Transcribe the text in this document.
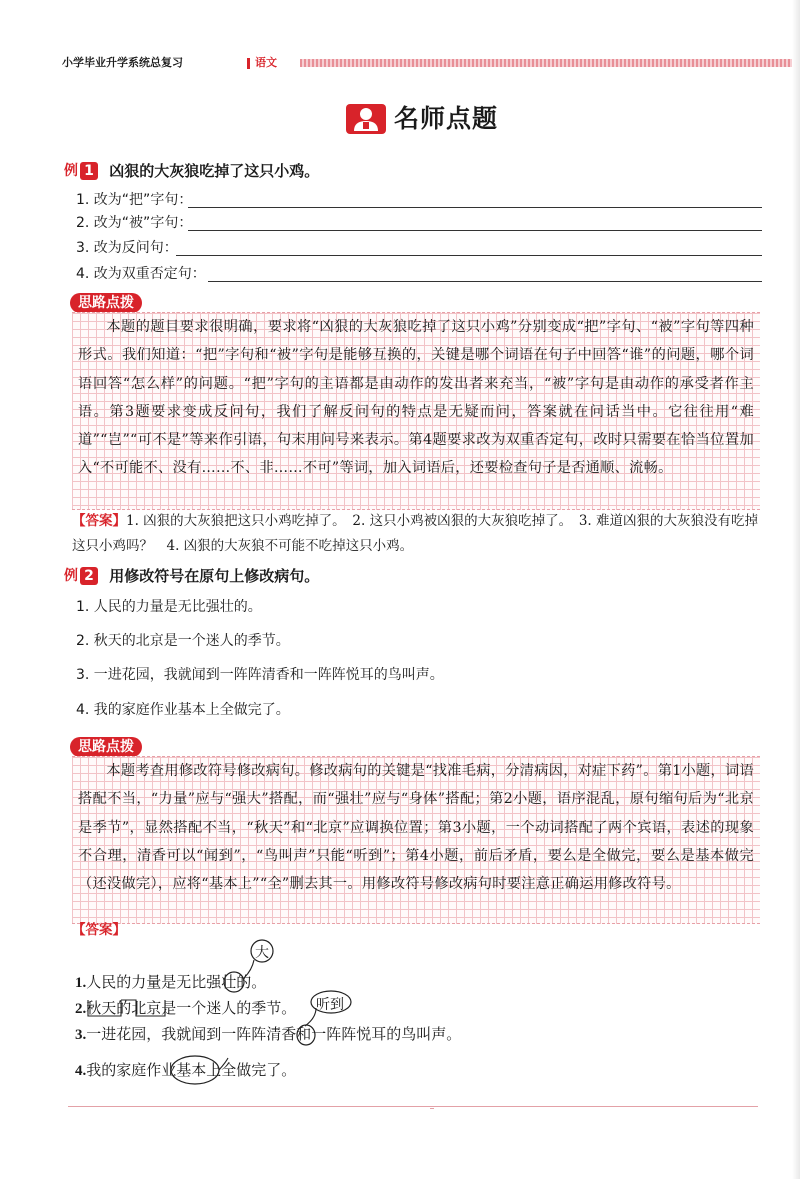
小学毕业升学系统总复习	语文
名师点题
例 1 凶狠的大灰狼吃掉了这只小鸡。
1. 改为“把”字句：
2. 改为“被”字句：
3. 改为反问句：
4. 改为双重否定句：
思路点拨
本题的题目要求很明确，要求将“凶狠的大灰狼吃掉了这只小鸡”分别变成“把”字句、“被”字句等四种形式。我们知道：“把”字句和“被”字句是能够互换的，关键是哪个词语在句子中回答“谁”的问题，哪个词语回答“怎么样”的问题。“把”字句的主语都是由动作的发出者来充当，“被”字句是由动作的承受者作主语。第3题要求变成反问句，我们了解反问句的特点是无疑而问，答案就在问话当中。它往往用“难道”“岂”“可不是”等来作引语，句末用问号来表示。第4题要求改为双重否定句，改时只需要在恰当位置加入“不可能不、没有……不、非……不可”等词，加入词语后，还要检查句子是否通顺、流畅。
【答案】1. 凶狠的大灰狼把这只小鸡吃掉了。　2. 这只小鸡被凶狠的大灰狼吃掉了。　3. 难道凶狠的大灰狼没有吃掉这只小鸡吗？　4. 凶狠的大灰狼不可能不吃掉这只小鸡。
例 2 用修改符号在原句上修改病句。
1. 人民的力量是无比强壮的。
2. 秋天的北京是一个迷人的季节。
3. 一进花园，我就闻到一阵阵清香和一阵阵悦耳的鸟叫声。
4. 我的家庭作业基本上全做完了。
思路点拨
本题考查用修改符号修改病句。修改病句的关键是“找准毛病，分清病因，对症下药”。第1小题，词语搭配不当，“力量”应与“强大”搭配，而“强壮”应与“身体”搭配；第2小题，语序混乱，原句缩句后为“北京是季节”，显然搭配不当，“秋天”和“北京”应调换位置；第3小题，一个动词搭配了两个宾语，表述的现象不合理，清香可以“闻到”，“鸟叫声”只能“听到”；第4小题，前后矛盾，要么是全做完，要么是基本做完（还没做完），应将“基本上”“全”删去其一。用修改符号修改病句时要注意正确运用修改符号。
【答案】
1.人民的力量是无比强壮的。
2.秋天的北京是一个迷人的季节。
3.一进花园，我就闻到一阵阵清香和一阵阵悦耳的鸟叫声。
4.我的家庭作业基本上全做完了。
大
听到
